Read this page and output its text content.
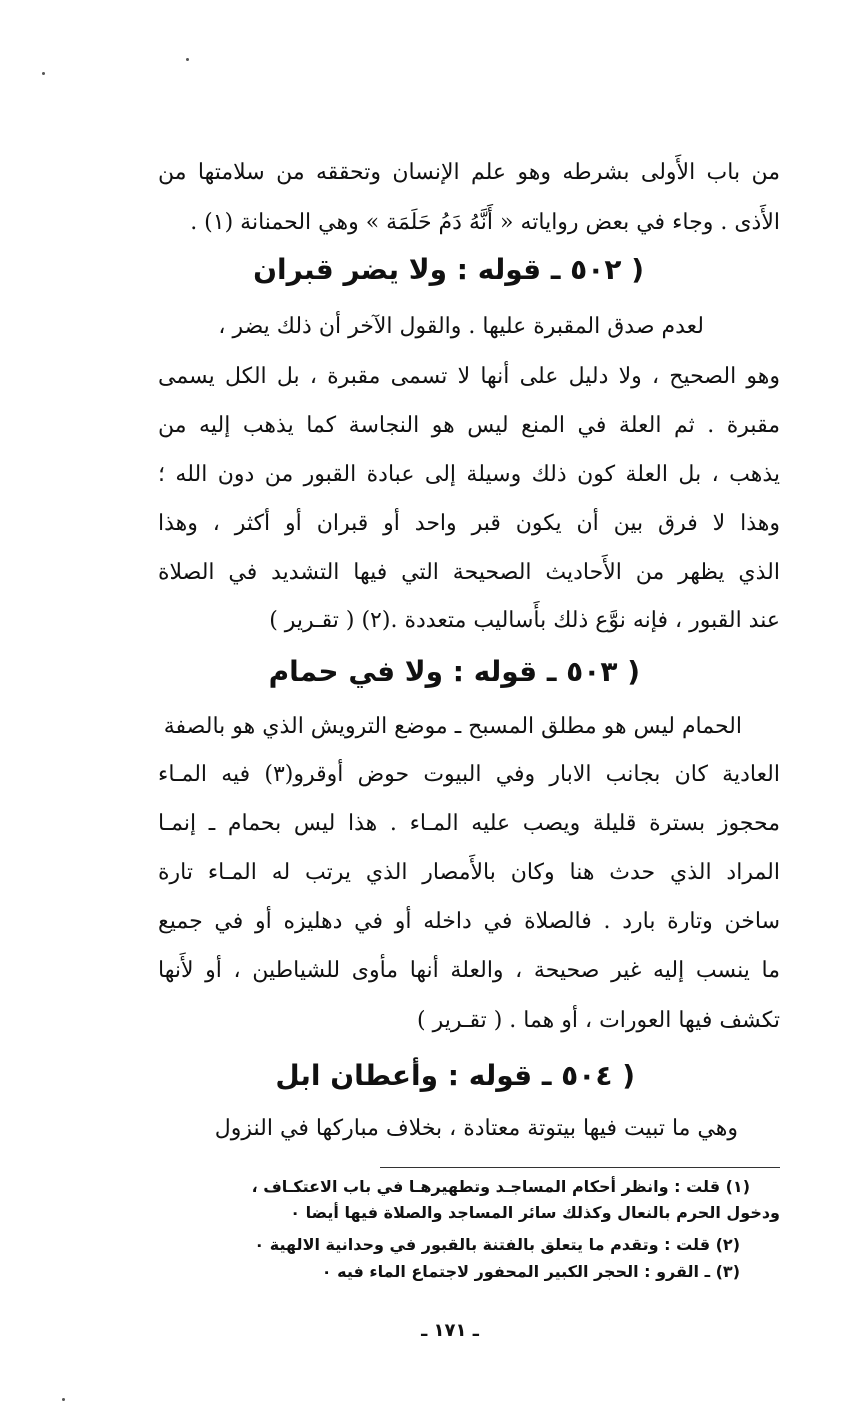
من باب الأَولى بشرطه وهو علم الإنسان وتحققه من سلامتها من
الأَذى . وجاء في بعض رواياته « أَنَّهُ دَمُ حَلَمَة » وهي الحمنانة (١) .
( ٥٠٢ ـ قوله : ولا يضر قبران
لعدم صدق المقبرة عليها . والقول الآخر أن ذلك يضر ،
وهو الصحيح ، ولا دليل على أنها لا تسمى مقبرة ، بل الكل يسمى
مقبرة . ثم العلة في المنع ليس هو النجاسة كما يذهب إليه من
يذهب ، بل العلة كون ذلك وسيلة إلى عبادة القبور من دون الله ؛
وهذا لا فرق بين أن يكون قبر واحد أو قبران أو أكثر ، وهذا
الذي يظهر من الأَحاديث الصحيحة التي فيها التشديد في الصلاة
عند القبور ، فإنه نوَّع ذلك بأَساليب متعددة .(٢) ( تقـرير )
( ٥٠٣ ـ قوله : ولا في حمام
الحمام ليس هو مطلق المسبح ـ موضع الترويش الذي هو بالصفة
العادية كان بجانب الابار وفي البيوت حوض أوقرو(٣) فيه المـاء
محجوز بسترة قليلة ويصب عليه المـاء . هذا ليس بحمام ـ إنمـا
المراد الذي حدث هنا وكان بالأَمصار الذي يرتب له المـاء تارة
ساخن وتارة بارد . فالصلاة في داخله أو في دهليزه أو في جميع
ما ينسب إليه غير صحيحة ، والعلة أنها مأوى للشياطين ، أو لأَنها
تكشف فيها العورات ، أو هما . ( تقـرير )
( ٥٠٤ ـ قوله : وأعطان ابل
وهي ما تبيت فيها بيتوتة معتادة ، بخلاف مباركها في النزول
(١) قلت : وانظر أحكام المساجـد وتطهيرهـا في باب الاعتكـاف ،
ودخول الحرم بالنعال وكذلك سائر المساجد والصلاة فيها أيضا ٠
(٢) قلت : وتقدم ما يتعلق بالفتنة بالقبور في وحدانية الالهية ٠
(٣) ـ القرو : الحجر الكبير المحفور لاجتماع الماء فيه ٠
ـ ١٧١ ـ
